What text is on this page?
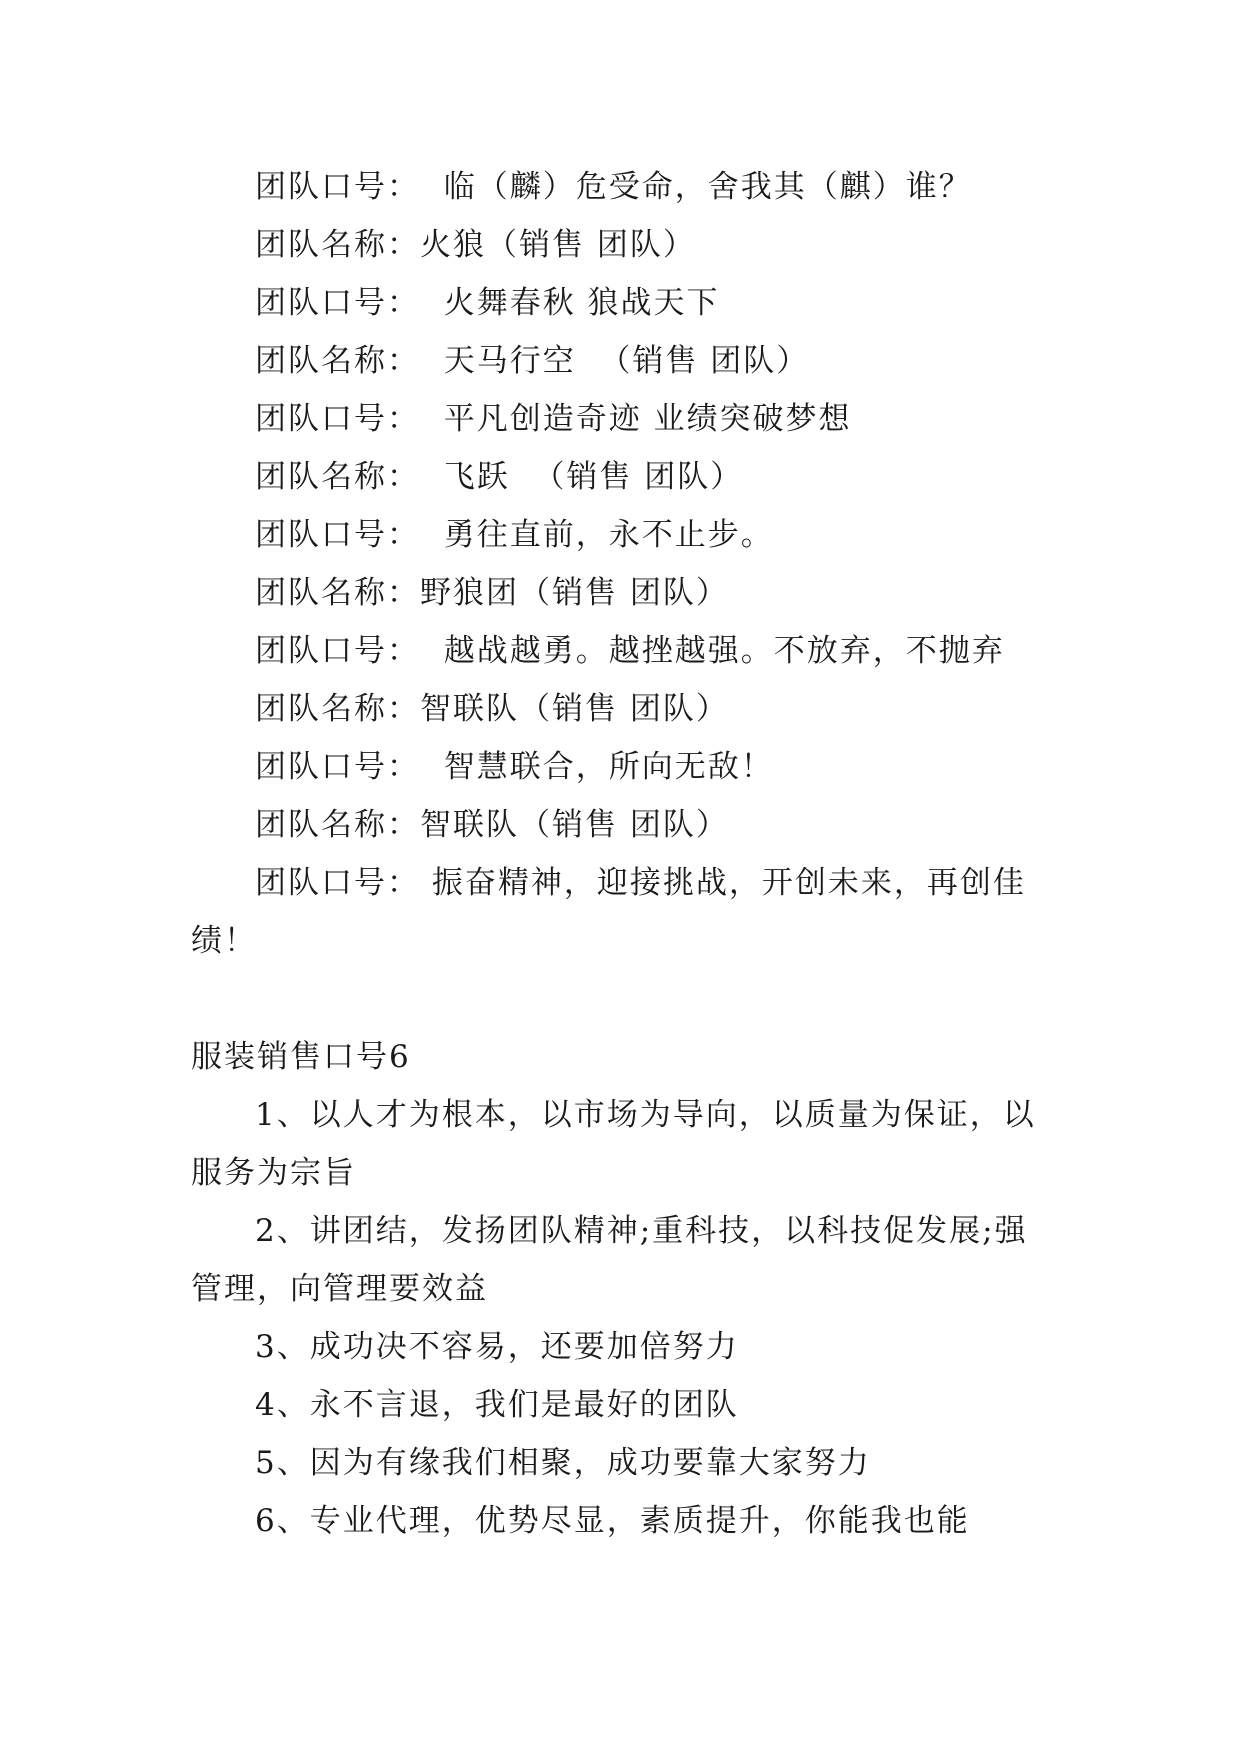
团队口号：  临（麟）危受命，舍我其（麒）谁？
团队名称：火狼（销售 团队）
团队口号：  火舞春秋 狼战天下
团队名称：  天马行空  （销售 团队）
团队口号：  平凡创造奇迹 业绩突破梦想
团队名称：  飞跃  （销售 团队）
团队口号：  勇往直前，永不止步。
团队名称：野狼团（销售 团队）
团队口号：  越战越勇。越挫越强。不放弃，不抛弃
团队名称：智联队（销售 团队）
团队口号：  智慧联合，所向无敌！
团队名称：智联队（销售 团队）

团队口号： 振奋精神，迎接挑战，开创未来，再创佳绩！

服装销售口号6

1、以人才为根本，以市场为导向，以质量为保证，以服务为宗旨

2、讲团结，发扬团队精神;重科技，以科技促发展;强管理，向管理要效益

3、成功决不容易，还要加倍努力

4、永不言退，我们是最好的团队

5、因为有缘我们相聚，成功要靠大家努力

6、专业代理，优势尽显，素质提升，你能我也能
